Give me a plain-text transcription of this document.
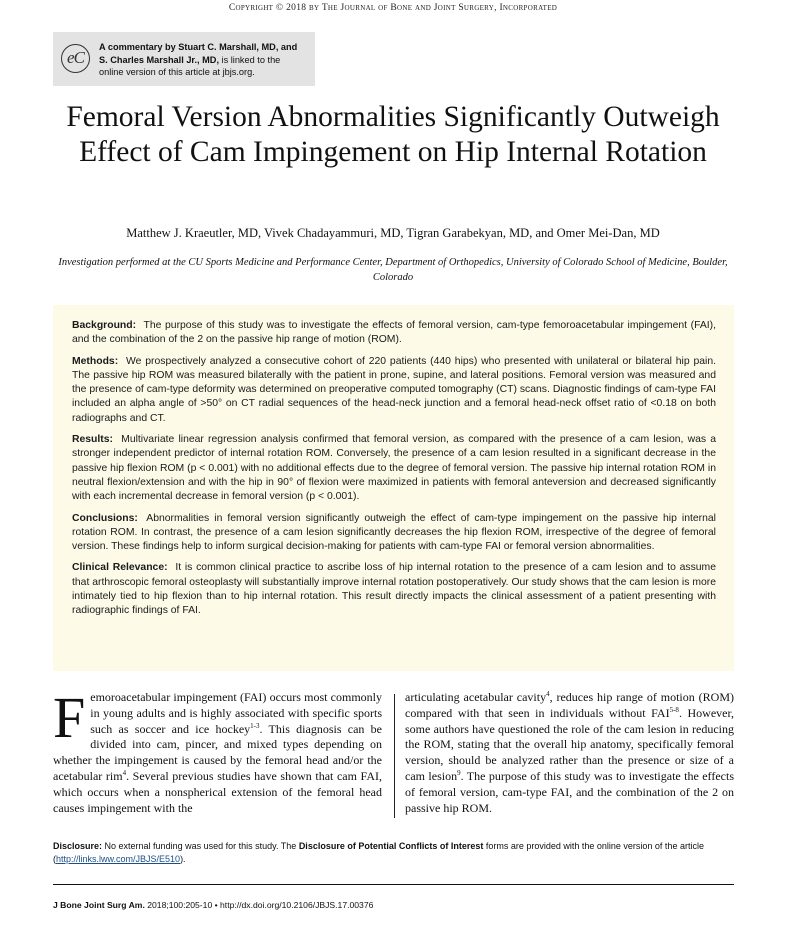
Copyright © 2018 by The Journal of Bone and Joint Surgery, Incorporated
eC
A commentary by Stuart C. Marshall, MD, and S. Charles Marshall Jr., MD, is linked to the online version of this article at jbjs.org.
Femoral Version Abnormalities Significantly Outweigh Effect of Cam Impingement on Hip Internal Rotation
Matthew J. Kraeutler, MD, Vivek Chadayammuri, MD, Tigran Garabekyan, MD, and Omer Mei-Dan, MD
Investigation performed at the CU Sports Medicine and Performance Center, Department of Orthopedics, University of Colorado School of Medicine, Boulder, Colorado

Background: The purpose of this study was to investigate the effects of femoral version, cam-type femoroacetabular impingement (FAI), and the combination of the 2 on the passive hip range of motion (ROM).

Methods: We prospectively analyzed a consecutive cohort of 220 patients (440 hips) who presented with unilateral or bilateral hip pain. The passive hip ROM was measured bilaterally with the patient in prone, supine, and lateral positions. Femoral version was measured and the presence of cam-type deformity was determined on preoperative computed tomography (CT) scans. Diagnostic findings of cam-type FAI included an alpha angle of >50° on CT radial sequences of the head-neck junction and a femoral head-neck offset ratio of <0.18 on both radiographs and CT.

Results: Multivariate linear regression analysis confirmed that femoral version, as compared with the presence of a cam lesion, was a stronger independent predictor of internal rotation ROM. Conversely, the presence of a cam lesion resulted in a significant decrease in the passive hip flexion ROM (p < 0.001) with no additional effects due to the degree of femoral version. The passive hip internal rotation ROM in neutral flexion/extension and with the hip in 90° of flexion were maximized in patients with femoral anteversion and decreased significantly with each incremental decrease in femoral version (p < 0.001).

Conclusions: Abnormalities in femoral version significantly outweigh the effect of cam-type impingement on the passive hip internal rotation ROM. In contrast, the presence of a cam lesion significantly decreases the hip flexion ROM, irrespective of the degree of femoral version. These findings help to inform surgical decision-making for patients with cam-type FAI or femoral version abnormalities.

Clinical Relevance: It is common clinical practice to ascribe loss of hip internal rotation to the presence of a cam lesion and to assume that arthroscopic femoral osteoplasty will substantially improve internal rotation postoperatively. Our study shows that the cam lesion is more intimately tied to hip flexion than to hip internal rotation. This result directly impacts the clinical assessment of a patient presenting with radiographic findings of FAI.

Femoroacetabular impingement (FAI) occurs most commonly in young adults and is highly associated with specific sports such as soccer and ice hockey$^{1-3}$. This diagnosis can be divided into cam, pincer, and mixed types depending on whether the impingement is caused by the femoral head and/or the acetabular rim$^4$. Several previous studies have shown that cam FAI, which occurs when a nonspherical extension of the femoral head causes impingement with the
articulating acetabular cavity$^4$, reduces hip range of motion (ROM) compared with that seen in individuals without FAI$^{5-8}$. However, some authors have questioned the role of the cam lesion in reducing the ROM, stating that the overall hip anatomy, specifically femoral version, should be analyzed rather than the presence or size of a cam lesion$^9$. The purpose of this study was to investigate the effects of femoral version, cam-type FAI, and the combination of the 2 on passive hip ROM.
Disclosure: No external funding was used for this study. The Disclosure of Potential Conflicts of Interest forms are provided with the online version of the article (http://links.lww.com/JBJS/E510).
J Bone Joint Surg Am. 2018;100:205-10 • http://dx.doi.org/10.2106/JBJS.17.00376
